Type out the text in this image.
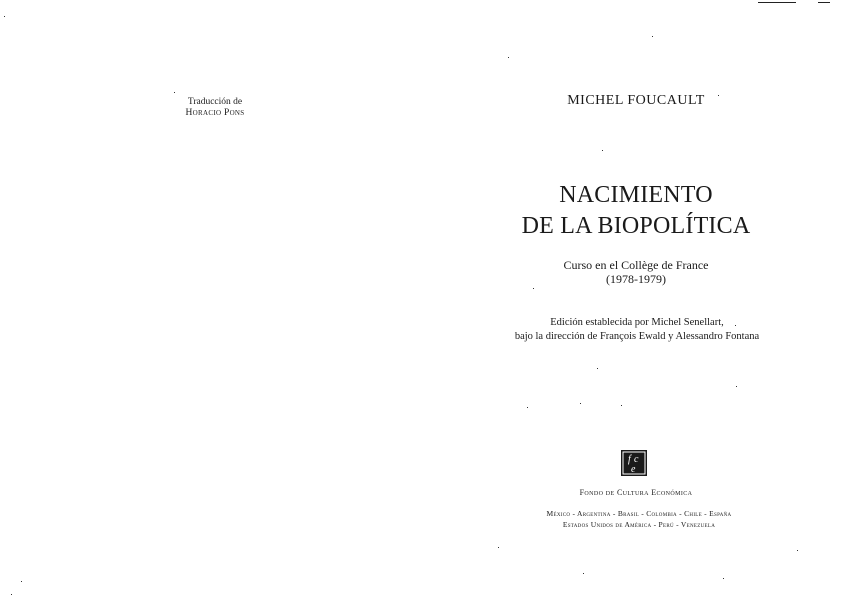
Traducción de
Horacio Pons
MICHEL FOUCAULT
NACIMIENTO
DE LA BIOPOLÍTICA
Curso en el Collège de France
(1978-1979)
Edición establecida por Michel Senellart,
bajo la dirección de François Ewald y Alessandro Fontana
f c
e
Fondo de Cultura Económica
México - Argentina - Brasil - Colombia - Chile - España
Estados Unidos de América - Perú - Venezuela
